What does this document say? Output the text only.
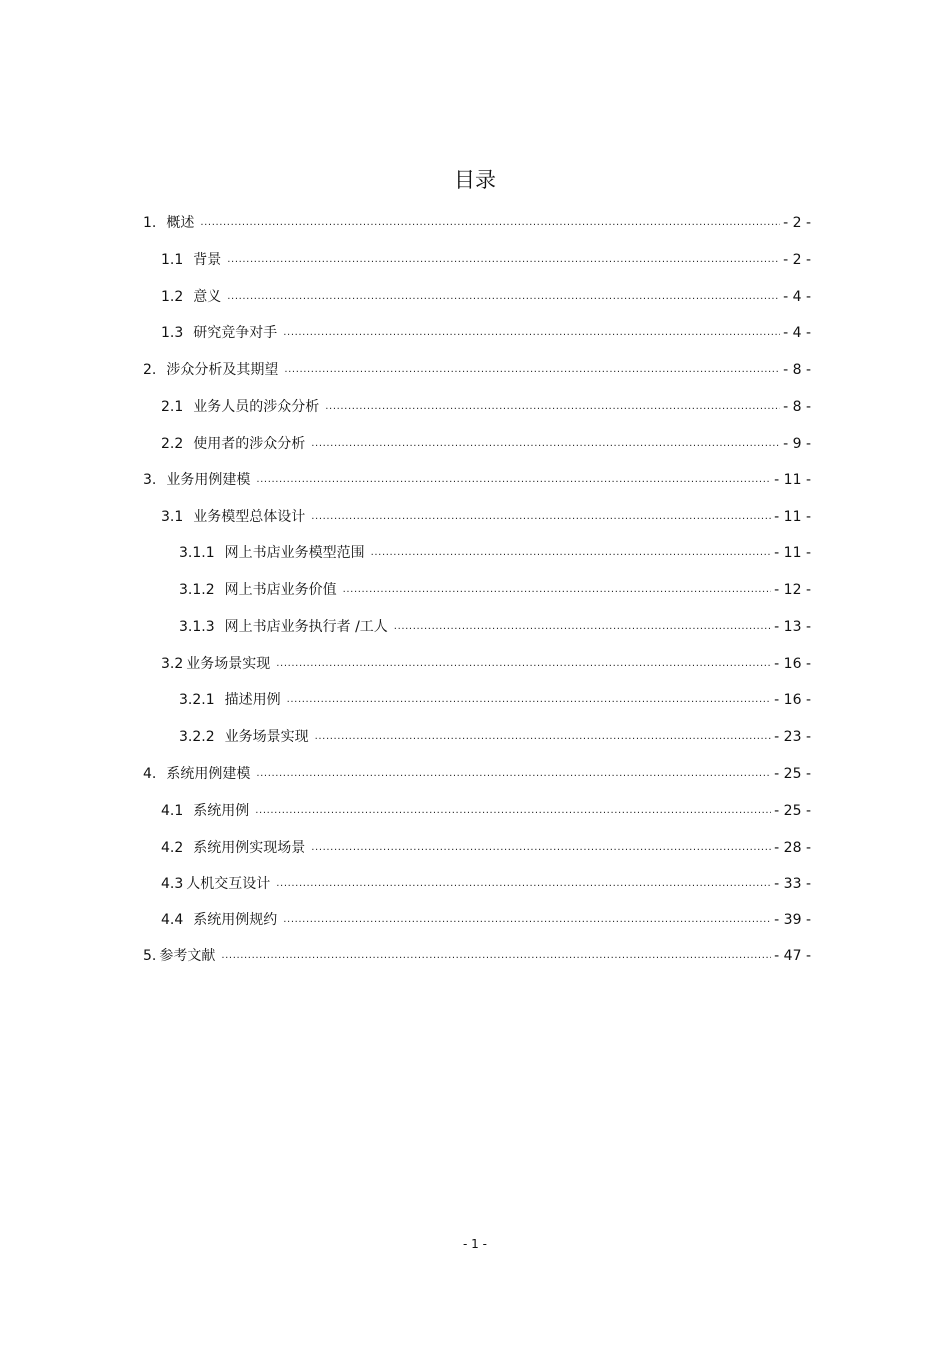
目录
1. 概述 .....	- 2 -
1.1 背景 .....	- 2 -
1.2 意义 .....	- 4 -
1.3 研究竞争对手 .....	- 4 -
2. 涉众分析及其期望 .....	- 8 -
2.1 业务人员的涉众分析 .....	- 8 -
2.2 使用者的涉众分析 .....	- 9 -
3. 业务用例建模 .....	- 11 -
3.1 业务模型总体设计 .....	- 11 -
3.1.1 网上书店业务模型范围 .....	- 11 -
3.1.2 网上书店业务价值 .....	- 12 -
3.1.3 网上书店业务执行者 /工人 .....	- 13 -
3.2 业务场景实现 .....	- 16 -
3.2.1 描述用例 .....	- 16 -
3.2.2 业务场景实现 .....	- 23 -
4. 系统用例建模 .....	- 25 -
4.1 系统用例 .....	- 25 -
4.2 系统用例实现场景 .....	- 28 -
4.3 人机交互设计 .....	- 33 -
4.4 系统用例规约 .....	- 39 -
5. 参考文献 .....	- 47 -
- 1 -
